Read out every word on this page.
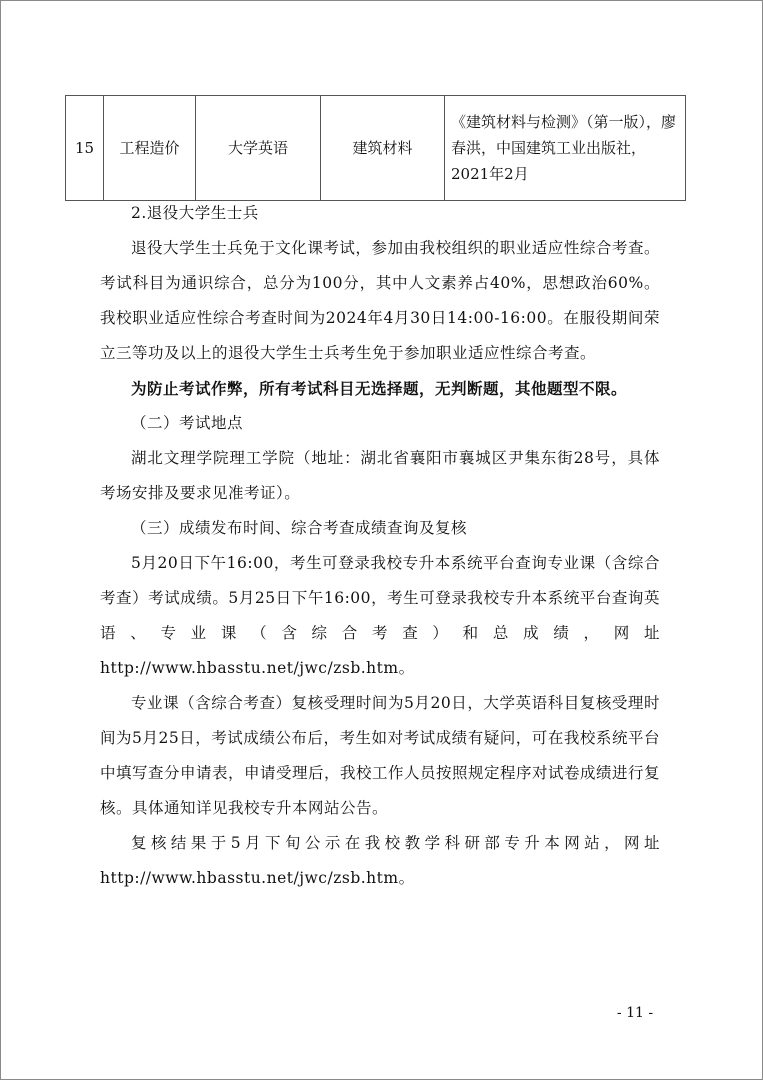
15	工程造价	大学英语	建筑材料	《建筑材料与检测》（第一版），廖春洪，中国建筑工业出版社，2021年2月

2.退役大学生士兵

退役大学生士兵免于文化课考试，参加由我校组织的职业适应性综合考查。考试科目为通识综合，总分为100分，其中人文素养占40%，思想政治60%。我校职业适应性综合考查时间为2024年4月30日14:00-16:00。在服役期间荣立三等功及以上的退役大学生士兵考生免于参加职业适应性综合考查。

为防止考试作弊，所有考试科目无选择题，无判断题，其他题型不限。

（二）考试地点

湖北文理学院理工学院（地址：湖北省襄阳市襄城区尹集东街28号，具体考场安排及要求见准考证）。

（三）成绩发布时间、综合考查成绩查询及复核

5月20日下午16:00，考生可登录我校专升本系统平台查询专业课（含综合考查）考试成绩。5月25日下午16:00，考生可登录我校专升本系统平台查询英语、专业课（含综合考查）和总成绩，网址http://www.hbasstu.net/jwc/zsb.htm。

专业课（含综合考查）复核受理时间为5月20日，大学英语科目复核受理时间为5月25日，考试成绩公布后，考生如对考试成绩有疑问，可在我校系统平台中填写查分申请表，申请受理后，我校工作人员按照规定程序对试卷成绩进行复核。具体通知详见我校专升本网站公告。

复核结果于5月下旬公示在我校教学科研部专升本网站，网址http://www.hbasstu.net/jwc/zsb.htm。

- 11 -
